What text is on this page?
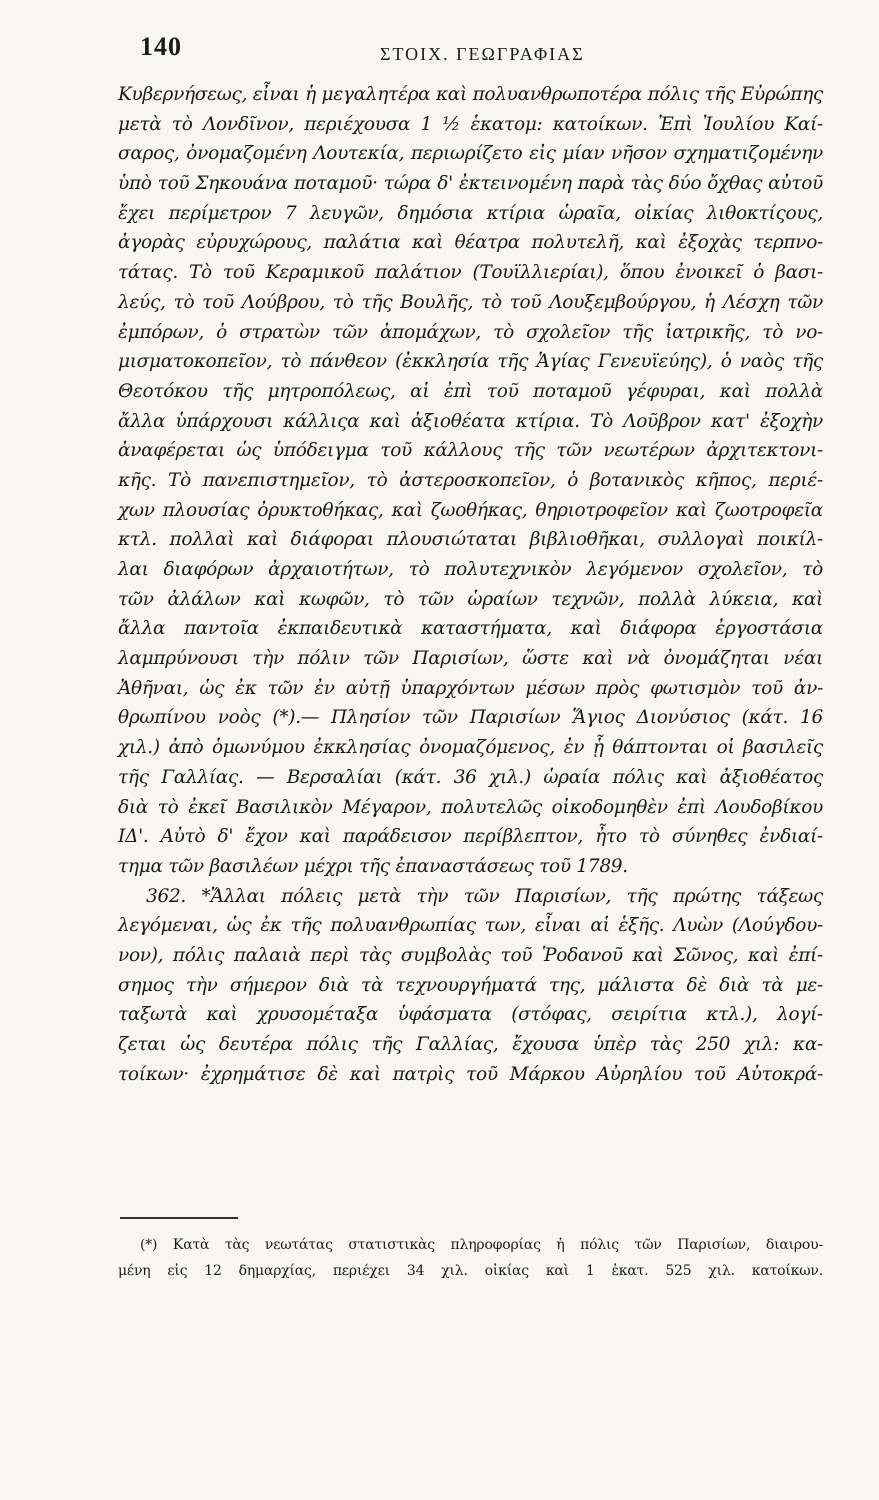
140	ΣΤΟΙΧ. ΓΕΩΓΡΑΦΙΑΣ
Κυβερνήσεως, εἶναι ἡ μεγαλητέρα καὶ πολυανθρωποτέρα πόλις τῆς Εὐρώπης
μετὰ τὸ Λονδῖνον, περιέχουσα 1 ½ ἑκατομ: κατοίκων. Ἐπὶ Ἰουλίου Καί-
σαρος, ὀνομαζομένη Λουτεκία, περιωρίζετο εἰς μίαν νῆσον σχηματιζομένην
ὑπὸ τοῦ Σηκουάνα ποταμοῦ· τώρα δ' ἐκτεινομένη παρὰ τὰς δύο ὄχθας αὐτοῦ
ἔχει περίμετρον 7 λευγῶν, δημόσια κτίρια ὡραῖα, οἰκίας λιθοκτίςους,
ἀγορὰς εὐρυχώρους, παλάτια καὶ θέατρα πολυτελῆ, καὶ ἐξοχὰς τερπνο-
τάτας. Τὸ τοῦ Κεραμικοῦ παλάτιον (Τουϊλλιερίαι), ὅπου ἐνοικεῖ ὁ βασι-
λεύς, τὸ τοῦ Λούβρου, τὸ τῆς Βουλῆς, τὸ τοῦ Λουξεμβούργου, ἡ Λέσχη τῶν
ἐμπόρων, ὁ στρατὼν τῶν ἀπομάχων, τὸ σχολεῖον τῆς ἰατρικῆς, τὸ νο-
μισματοκοπεῖον, τὸ πάνθεον (ἐκκλησία τῆς Ἁγίας Γενευϊεύης), ὁ ναὸς τῆς
Θεοτόκου τῆς μητροπόλεως, αἱ ἐπὶ τοῦ ποταμοῦ γέφυραι, καὶ πολλὰ
ἄλλα ὑπάρχουσι κάλλιςα καὶ ἀξιοθέατα κτίρια. Τὸ Λοῦβρον κατ' ἐξοχὴν
ἀναφέρεται ὡς ὑπόδειγμα τοῦ κάλλους τῆς τῶν νεωτέρων ἀρχιτεκτονι-
κῆς. Τὸ πανεπιστημεῖον, τὸ ἀστεροσκοπεῖον, ὁ βοτανικὸς κῆπος, περιέ-
χων πλουσίας ὀρυκτοθήκας, καὶ ζωοθήκας, θηριοτροφεῖον καὶ ζωοτροφεῖα
κτλ. πολλαὶ καὶ διάφοραι πλουσιώταται βιβλιοθῆκαι, συλλογαὶ ποικίλ-
λαι διαφόρων ἀρχαιοτήτων, τὸ πολυτεχνικὸν λεγόμενον σχολεῖον, τὸ
τῶν ἀλάλων καὶ κωφῶν, τὸ τῶν ὡραίων τεχνῶν, πολλὰ λύκεια, καὶ
ἄλλα παντοῖα ἐκπαιδευτικὰ καταστήματα, καὶ διάφορα ἐργοστάσια
λαμπρύνουσι τὴν πόλιν τῶν Παρισίων, ὥστε καὶ νὰ ὀνομάζηται νέαι
Ἀθῆναι, ὡς ἐκ τῶν ἐν αὐτῇ ὑπαρχόντων μέσων πρὸς φωτισμὸν τοῦ ἀν-
θρωπίνου νοὸς (*).— Πλησίον τῶν Παρισίων Ἅγιος Διονύσιος (κάτ. 16
χιλ.) ἀπὸ ὁμωνύμου ἐκκλησίας ὀνομαζόμενος, ἐν ᾗ θάπτονται οἱ βασιλεῖς
τῆς Γαλλίας. — Βερσαλίαι (κάτ. 36 χιλ.) ὡραία πόλις καὶ ἀξιοθέατος
διὰ τὸ ἐκεῖ Βασιλικὸν Μέγαρον, πολυτελῶς οἰκοδομηθὲν ἐπὶ Λουδοβίκου
ΙΔ'. Αὐτὸ δ' ἔχον καὶ παράδεισον περίβλεπτον, ἦτο τὸ σύνηθες ἐνδιαί-
τημα τῶν βασιλέων μέχρι τῆς ἐπαναστάσεως τοῦ 1789.
362. *Ἄλλαι πόλεις μετὰ τὴν τῶν Παρισίων, τῆς πρώτης τάξεως
λεγόμεναι, ὡς ἐκ τῆς πολυανθρωπίας των, εἶναι αἱ ἑξῆς. Λυὼν (Λούγδου-
νον), πόλις παλαιὰ περὶ τὰς συμβολὰς τοῦ Ῥοδανοῦ καὶ Σῶνος, καὶ ἐπί-
σημος τὴν σήμερον διὰ τὰ τεχνουργήματά της, μάλιστα δὲ διὰ τὰ με-
ταξωτὰ καὶ χρυσομέταξα ὑφάσματα (στόφας, σειρίτια κτλ.), λογί-
ζεται ὡς δευτέρα πόλις τῆς Γαλλίας, ἔχουσα ὑπὲρ τὰς 250 χιλ: κα-
τοίκων· ἐχρημάτισε δὲ καὶ πατρὶς τοῦ Μάρκου Αὐρηλίου τοῦ Αὐτοκρά-
(*) Κατὰ τὰς νεωτάτας στατιστικὰς πληροφορίας ἡ πόλις τῶν Παρισίων, διαιρου-
μένη εἰς 12 δημαρχίας, περιέχει 34 χιλ. οἰκίας καὶ 1 ἑκατ. 525 χιλ. κατοίκων.
